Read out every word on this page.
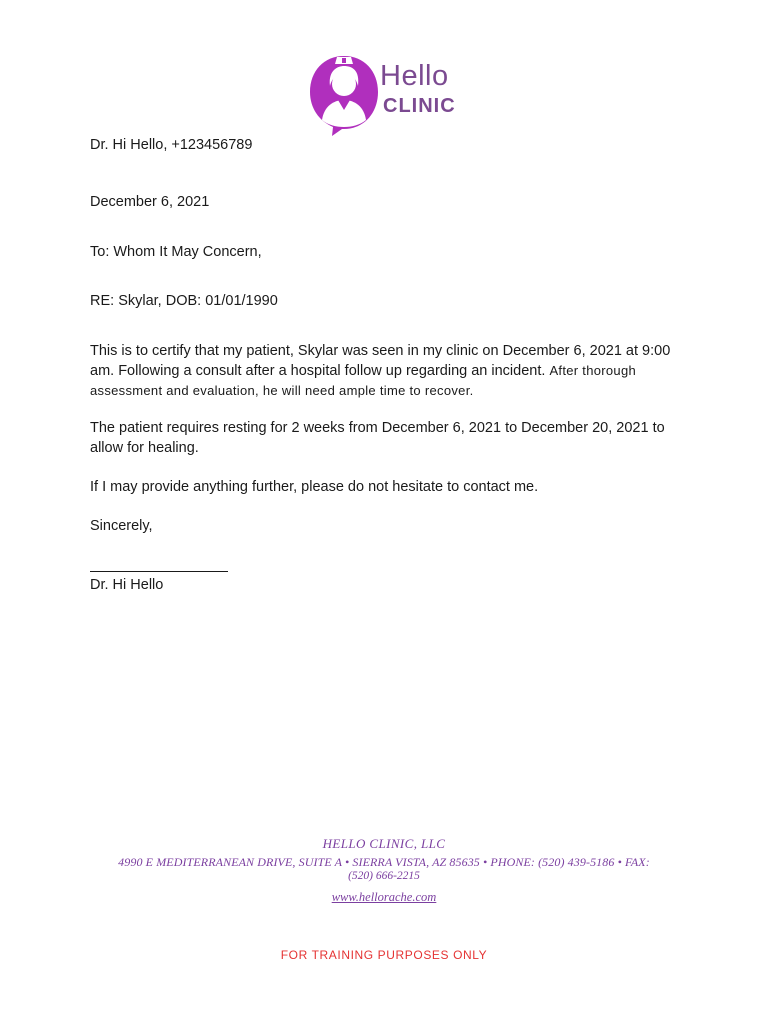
Hello
CLINIC
Dr. Hi Hello, +123456789
December 6, 2021
To: Whom It May Concern,
RE: Skylar, DOB: 01/01/1990
This is to certify that my patient, Skylar was seen in my clinic on December 6, 2021 at 9:00 am. Following a consult after a hospital follow up regarding an incident. After thorough assessment and evaluation, he will need ample time to recover.
The patient requires resting for 2 weeks from December 6, 2021 to December 20, 2021 to allow for healing.
If I may provide anything further, please do not hesitate to contact me.
Sincerely,
Dr. Hi Hello
HELLO CLINIC, LLC
4990 E MEDITERRANEAN DRIVE, SUITE A • SIERRA VISTA, AZ 85635 • PHONE: (520) 439-5186 • FAX:
(520) 666-2215
www.hellorache.com
FOR TRAINING PURPOSES ONLY
